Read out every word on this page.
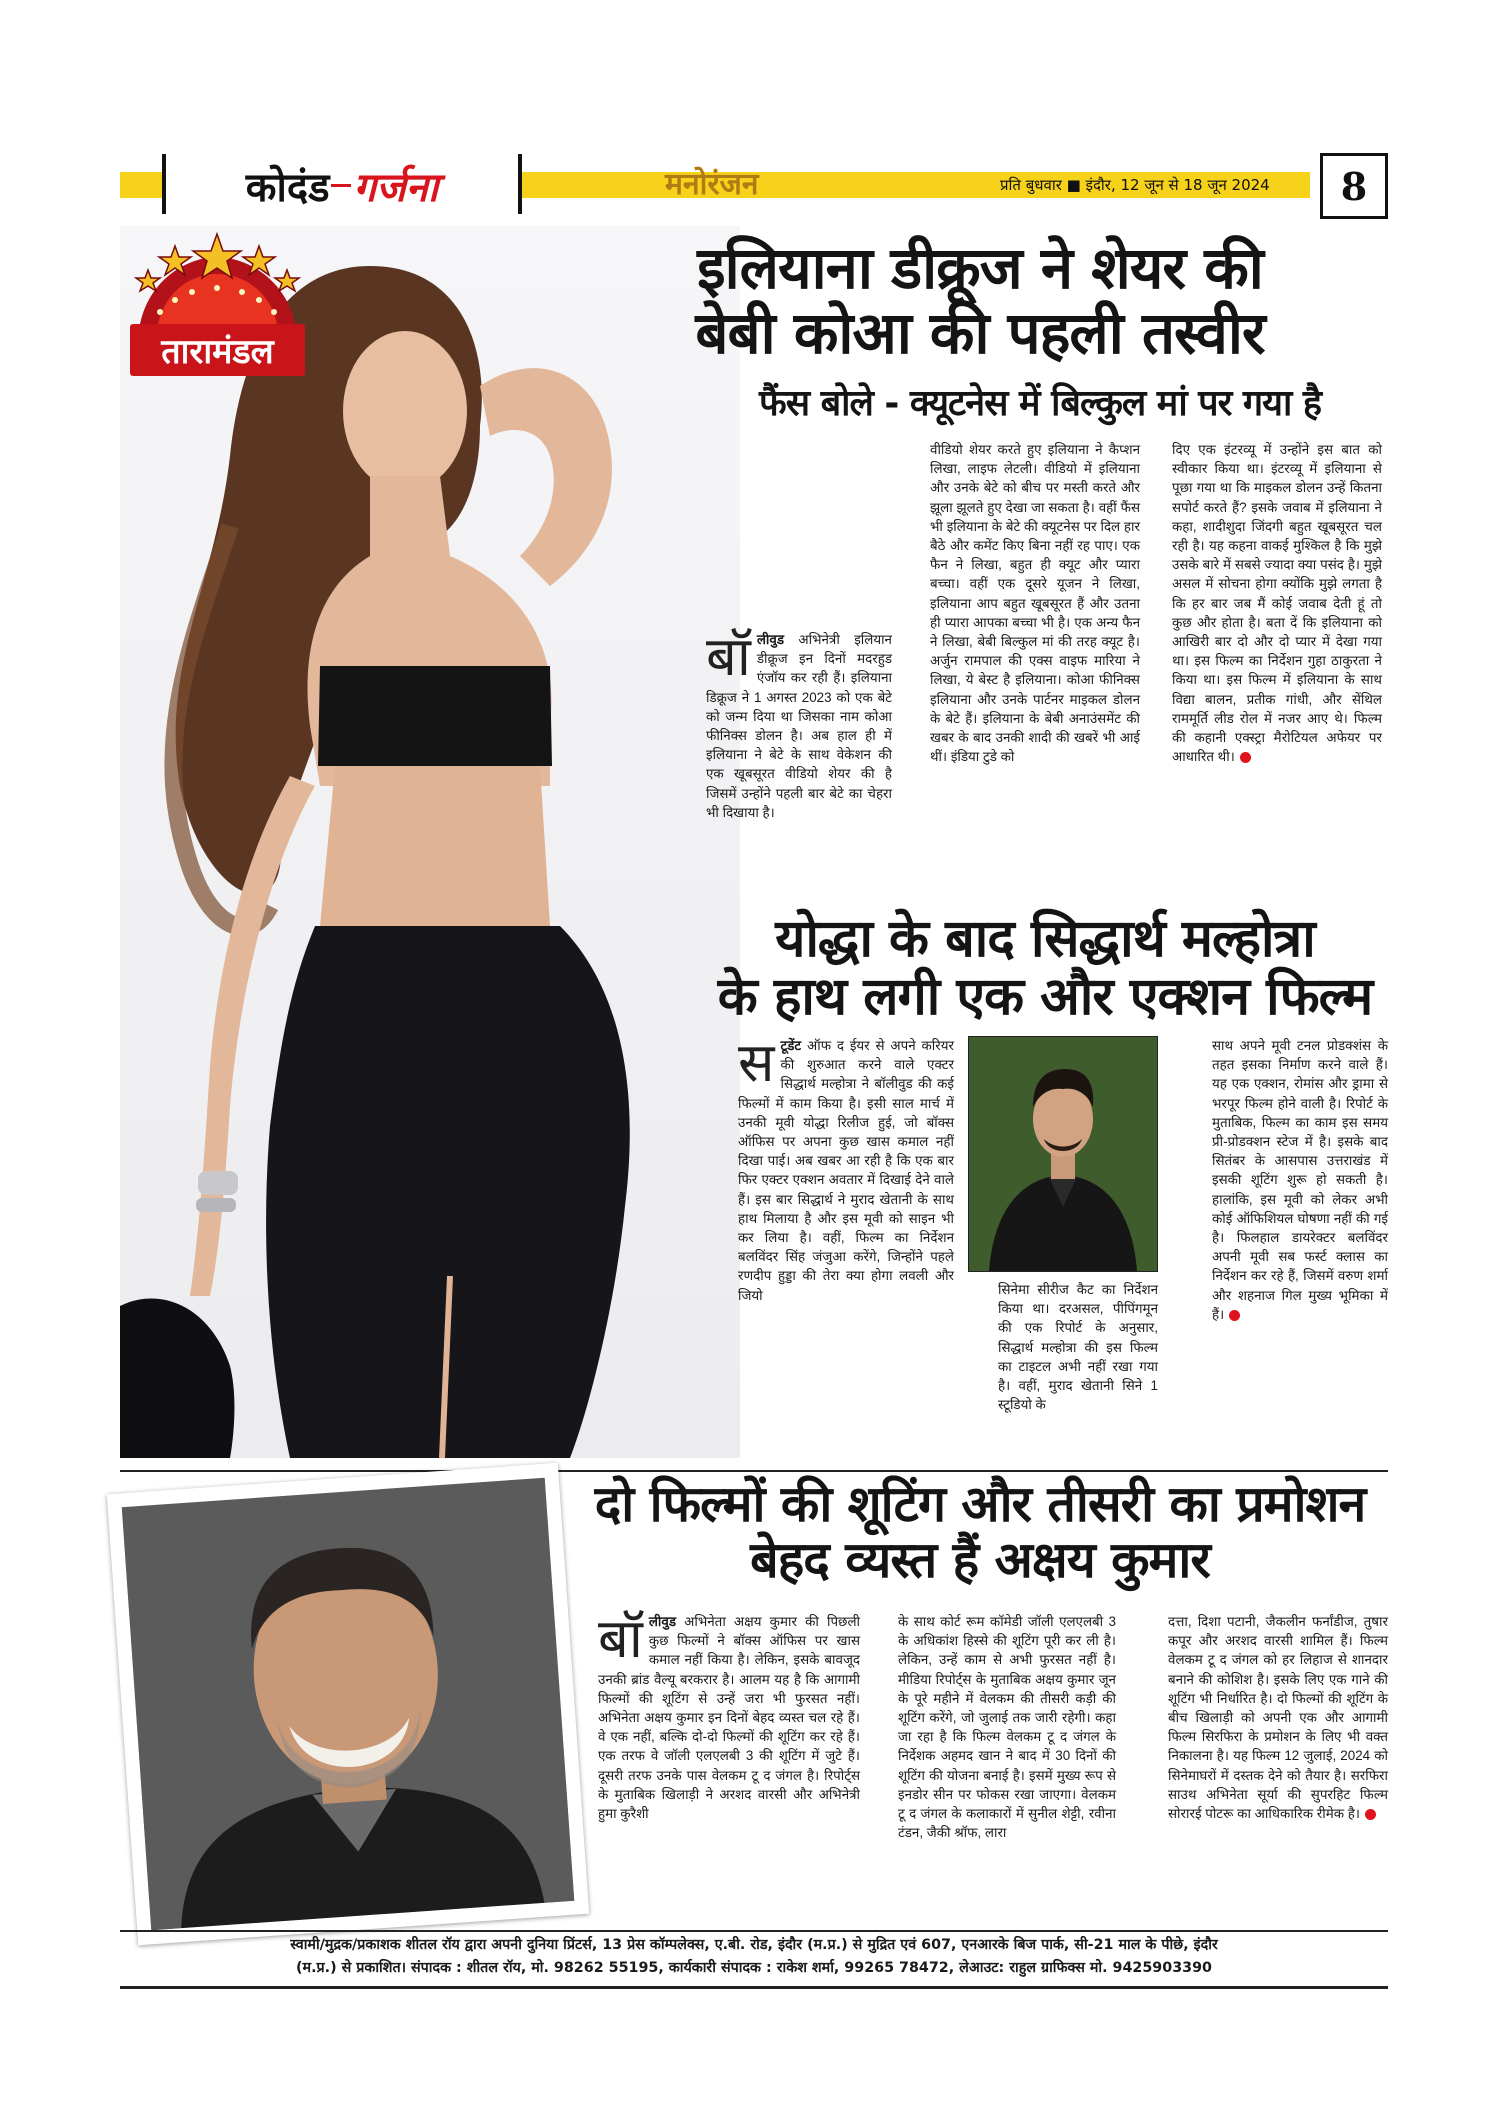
कोदंड गर्जना	मनोरंजन	प्रति बुधवार ■ इंदौर, 12 जून से 18 जून 2024	8
तारामंडल
इलियाना डीक्रूज ने शेयर की
बेबी कोआ की पहली तस्वीर
फैंस बोले - क्यूटनेस में बिल्कुल मां पर गया है
बॉ लीवुड अभिनेत्री इलियान डीक्रूज इन दिनों मदरहुड एंजॉय कर रही हैं। इलियाना डिक्रूज ने 1 अगस्त 2023 को एक बेटे को जन्म दिया था जिसका नाम कोआ फीनिक्स डोलन है। अब हाल ही में इलियाना ने बेटे के साथ वेकेशन की एक खूबसूरत वीडियो शेयर की है जिसमें उन्होंने पहली बार बेटे का चेहरा भी दिखाया है।
वीडियो शेयर करते हुए इलियाना ने कैप्शन लिखा, लाइफ लेटली। वीडियो में इलियाना और उनके बेटे को बीच पर मस्ती करते और झूला झूलते हुए देखा जा सकता है। वहीं फैंस भी इलियाना के बेटे की क्यूटनेस पर दिल हार बैठे और कमेंट किए बिना नहीं रह पाए। एक फैन ने लिखा, बहुत ही क्यूट और प्यारा बच्चा। वहीं एक दूसरे यूजन ने लिखा, इलियाना आप बहुत खूबसूरत हैं और उतना ही प्यारा आपका बच्चा भी है। एक अन्य फैन ने लिखा, बेबी बिल्कुल मां की तरह क्यूट है। अर्जुन रामपाल की एक्स वाइफ मारिया ने लिखा, ये बेस्ट है इलियाना। कोआ फीनिक्स इलियाना और उनके पार्टनर माइकल डोलन के बेटे हैं। इलियाना के बेबी अनाउंसमेंट की खबर के बाद उनकी शादी की खबरें भी आई थीं। इंडिया टुडे को
दिए एक इंटरव्यू में उन्होंने इस बात को स्वीकार किया था। इंटरव्यू में इलियाना से पूछा गया था कि माइकल डोलन उन्हें कितना सपोर्ट करते हैं? इसके जवाब में इलियाना ने कहा, शादीशुदा जिंदगी बहुत खूबसूरत चल रही है। यह कहना वाकई मुश्किल है कि मुझे उसके बारे में सबसे ज्यादा क्या पसंद है। मुझे असल में सोचना होगा क्योंकि मुझे लगता है कि हर बार जब मैं कोई जवाब देती हूं तो कुछ और होता है। बता दें कि इलियाना को आखिरी बार दो और दो प्यार में देखा गया था। इस फिल्म का निर्देशन गुहा ठाकुरता ने किया था। इस फिल्म में इलियाना के साथ विद्या बालन, प्रतीक गांधी, और सेंथिल राममूर्ति लीड रोल में नजर आए थे। फिल्म की कहानी एक्स्ट्रा मैरोटियल अफेयर पर आधारित थी।
योद्धा के बाद सिद्धार्थ मल्होत्रा
के हाथ लगी एक और एक्शन फिल्म
स टूडेंट ऑफ द ईयर से अपने करियर की शुरुआत करने वाले एक्टर सिद्धार्थ मल्होत्रा ने बॉलीवुड की कई फिल्मों में काम किया है। इसी साल मार्च में उनकी मूवी योद्धा रिलीज हुई, जो बॉक्स ऑफिस पर अपना कुछ खास कमाल नहीं दिखा पाई। अब खबर आ रही है कि एक बार फिर एक्टर एक्शन अवतार में दिखाई देने वाले हैं। इस बार सिद्धार्थ ने मुराद खेतानी के साथ हाथ मिलाया है और इस मूवी को साइन भी कर लिया है। वहीं, फिल्म का निर्देशन बलविंदर सिंह जंजुआ करेंगे, जिन्होंने पहले रणदीप हुड्डा की तेरा क्या होगा लवली और जियो	सिनेमा सीरीज कैट का निर्देशन किया था। दरअसल, पीपिंगमून की एक रिपोर्ट के अनुसार, सिद्धार्थ मल्होत्रा की इस फिल्म का टाइटल अभी नहीं रखा गया है। वहीं, मुराद खेतानी सिने 1 स्टूडियो के
साथ अपने मूवी टनल प्रोडक्शंस के तहत इसका निर्माण करने वाले हैं। यह एक एक्शन, रोमांस और ड्रामा से भरपूर फिल्म होने वाली है। रिपोर्ट के मुताबिक, फिल्म का काम इस समय प्री-प्रोडक्शन स्टेज में है। इसके बाद सितंबर के आसपास उत्तराखंड में इसकी शूटिंग शुरू हो सकती है। हालांकि, इस मूवी को लेकर अभी कोई ऑफिशियल घोषणा नहीं की गई है। फिलहाल डायरेक्टर बलविंदर अपनी मूवी सब फर्स्ट क्लास का निर्देशन कर रहे हैं, जिसमें वरुण शर्मा और शहनाज गिल मुख्य भूमिका में हैं।
दो फिल्मों की शूटिंग और तीसरी का प्रमोशन
बेहद व्यस्त हैं अक्षय कुमार
बॉ लीवुड अभिनेता अक्षय कुमार की पिछली कुछ फिल्मों ने बॉक्स ऑफिस पर खास कमाल नहीं किया है। लेकिन, इसके बावजूद उनकी ब्रांड वैल्यू बरकरार है। आलम यह है कि आगामी फिल्मों की शूटिंग से उन्हें जरा भी फुरसत नहीं। अभिनेता अक्षय कुमार इन दिनों बेहद व्यस्त चल रहे हैं। वे एक नहीं, बल्कि दो-दो फिल्मों की शूटिंग कर रहे हैं। एक तरफ वे जॉली एलएलबी 3 की शूटिंग में जुटे हैं। दूसरी तरफ उनके पास वेलकम टू द जंगल है। रिपोर्ट्स के मुताबिक खिलाड़ी ने अरशद वारसी और अभिनेत्री हुमा कुरैशी
के साथ कोर्ट रूम कॉमेडी जॉली एलएलबी 3 के अधिकांश हिस्से की शूटिंग पूरी कर ली है। लेकिन, उन्हें काम से अभी फुरसत नहीं है। मीडिया रिपोर्ट्स के मुताबिक अक्षय कुमार जून के पूरे महीने में वेलकम की तीसरी कड़ी की शूटिंग करेंगे, जो जुलाई तक जारी रहेगी। कहा जा रहा है कि फिल्म वेलकम टू द जंगल के निर्देशक अहमद खान ने बाद में 30 दिनों की शूटिंग की योजना बनाई है। इसमें मुख्य रूप से इनडोर सीन पर फोकस रखा जाएगा। वेलकम टू द जंगल के कलाकारों में सुनील शेट्टी, रवीना टंडन, जैकी श्रॉफ, लारा
दत्ता, दिशा पटानी, जैकलीन फर्नांडीज, तुषार कपूर और अरशद वारसी शामिल हैं। फिल्म वेलकम टू द जंगल को हर लिहाज से शानदार बनाने की कोशिश है। इसके लिए एक गाने की शूटिंग भी निर्धारित है। दो फिल्मों की शूटिंग के बीच खिलाड़ी को अपनी एक और आगामी फिल्म सिरफिरा के प्रमोशन के लिए भी वक्त निकालना है। यह फिल्म 12 जुलाई, 2024 को सिनेमाघरों में दस्तक देने को तैयार है। सरफिरा साउथ अभिनेता सूर्या की सुपरहिट फिल्म सोरारई पोटरू का आधिकारिक रीमेक है।
स्वामी/मुद्रक/प्रकाशक शीतल रॉय द्वारा अपनी दुनिया प्रिंटर्स, 13 प्रेस कॉम्पलेक्स, ए.बी. रोड, इंदौर (म.प्र.) से मुद्रित एवं 607, एनआरके बिज पार्क, सी-21 माल के पीछे, इंदौर
(म.प्र.) से प्रकाशित। संपादक : शीतल रॉय, मो. 98262 55195, कार्यकारी संपादक : राकेश शर्मा, 99265 78472, लेआउट: राहुल ग्राफिक्स मो. 9425903390
